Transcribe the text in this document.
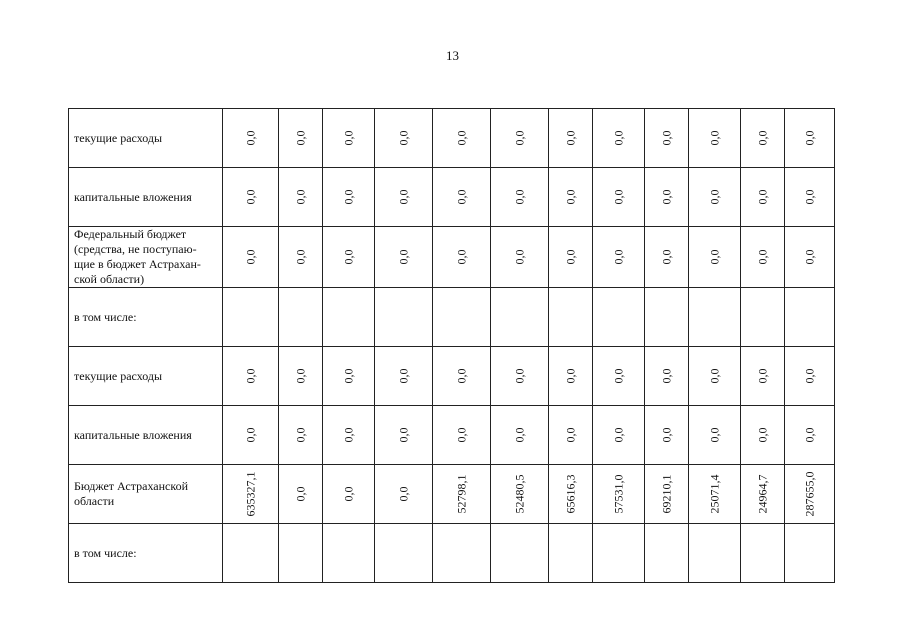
13
текущие расходы	0,0	0,0	0,0	0,0	0,0	0,0	0,0	0,0	0,0	0,0	0,0	0,0

капитальные вложения	0,0	0,0	0,0	0,0	0,0	0,0	0,0	0,0	0,0	0,0	0,0	0,0

Федеральный бюджет
(средства, не поступаю-
щие в бюджет Астрахан-
ской области)	0,0	0,0	0,0	0,0	0,0	0,0	0,0	0,0	0,0	0,0	0,0	0,0

в том числе:	

текущие расходы	0,0	0,0	0,0	0,0	0,0	0,0	0,0	0,0	0,0	0,0	0,0	0,0

капитальные вложения	0,0	0,0	0,0	0,0	0,0	0,0	0,0	0,0	0,0	0,0	0,0	0,0

Бюджет Астраханской
области	635327,1	0,0	0,0	0,0	52798,1	52480,5	65616,3	57531,0	69210,1	25071,4	24964,7	287655,0

в том числе:	
